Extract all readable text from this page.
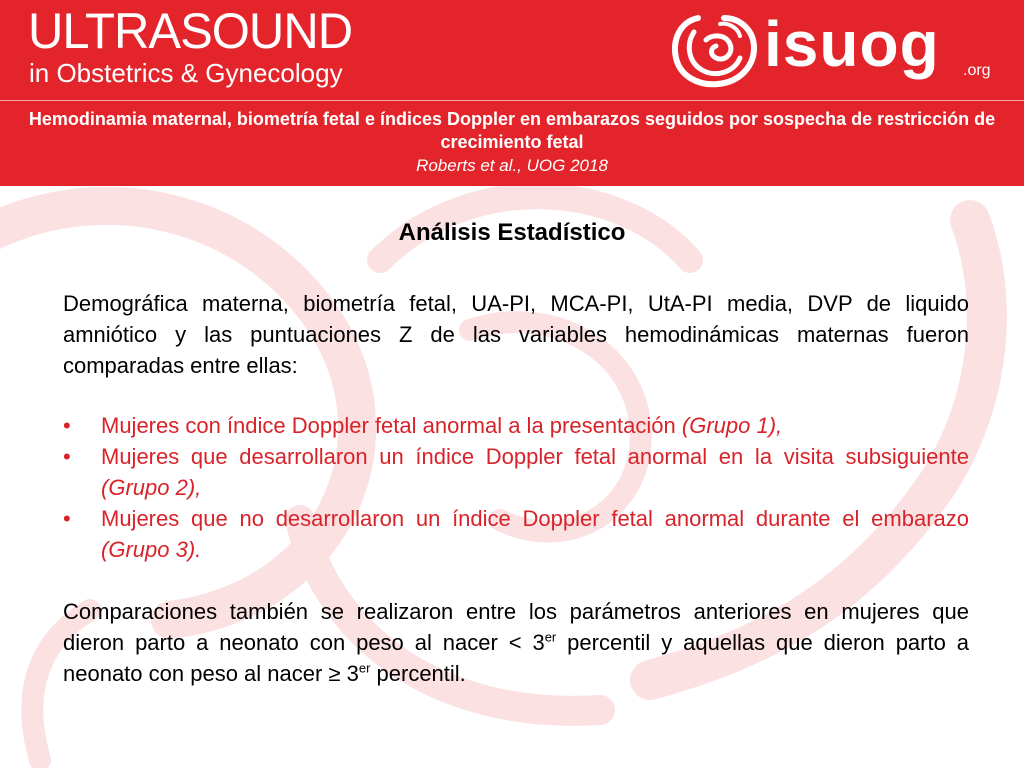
ULTRASOUND
in Obstetrics & Gynecology	isuog .org
Hemodinamia maternal, biometría fetal e índices Doppler en embarazos seguidos por sospecha de restricción de crecimiento fetal
Roberts et al., UOG 2018
Análisis Estadístico
Demográfica materna, biometría fetal, UA-PI, MCA-PI, UtA-PI media, DVP de liquido amniótico y las puntuaciones Z de las variables hemodinámicas maternas fueron comparadas entre ellas:
• Mujeres con índice Doppler fetal anormal a la presentación (Grupo 1),
• Mujeres que desarrollaron un índice Doppler fetal anormal en la visita subsiguiente (Grupo 2),
• Mujeres que no desarrollaron un índice Doppler fetal anormal durante el embarazo (Grupo 3).
Comparaciones también se realizaron entre los parámetros anteriores en mujeres que dieron parto a neonato con peso al nacer < 3er percentil y aquellas que dieron parto a neonato con peso al nacer ≥ 3er percentil.
